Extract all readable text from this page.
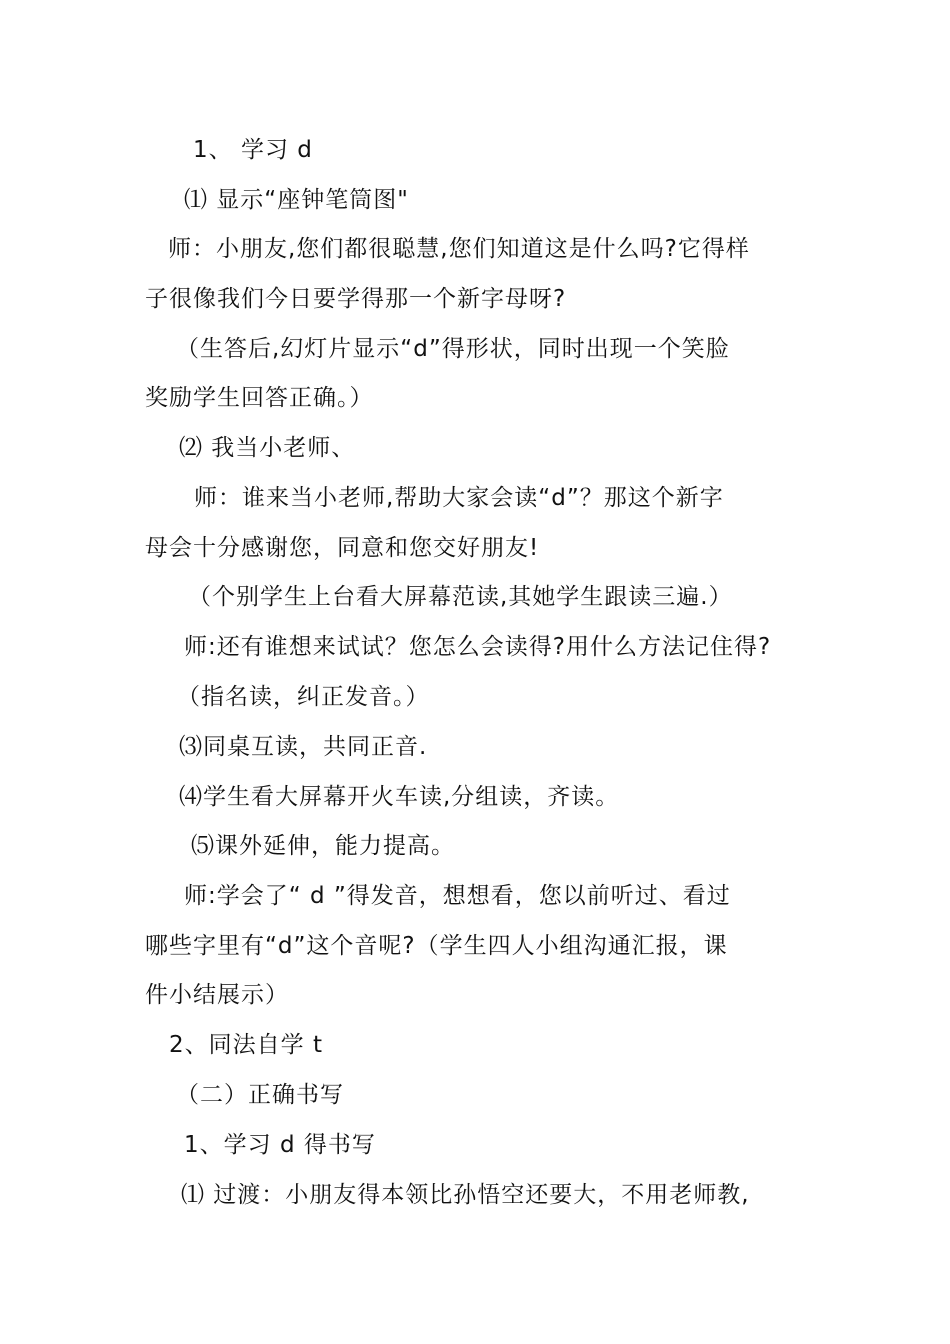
1、 学习 d
⑴ 显示“座钟笔筒图"
师：小朋友,您们都很聪慧,您们知道这是什么吗?它得样
子很像我们今日要学得那一个新字母呀?
（生答后,幻灯片显示“d”得形状，同时出现一个笑脸
奖励学生回答正确。）
⑵ 我当小老师、
师：谁来当小老师,帮助大家会读“d”？那这个新字
母会十分感谢您，同意和您交好朋友!
（个别学生上台看大屏幕范读,其她学生跟读三遍.）
师:还有谁想来试试？您怎么会读得?用什么方法记住得?
（指名读，纠正发音。）
⑶同桌互读，共同正音.
⑷学生看大屏幕开火车读,分组读，齐读。
⑸课外延伸，能力提高。
师:学会了“ d ”得发音，想想看，您以前听过、看过
哪些字里有“d”这个音呢?（学生四人小组沟通汇报，课
件小结展示）
2、同法自学 t
（二）正确书写
1、学习 d 得书写
⑴ 过渡：小朋友得本领比孙悟空还要大，不用老师教,
